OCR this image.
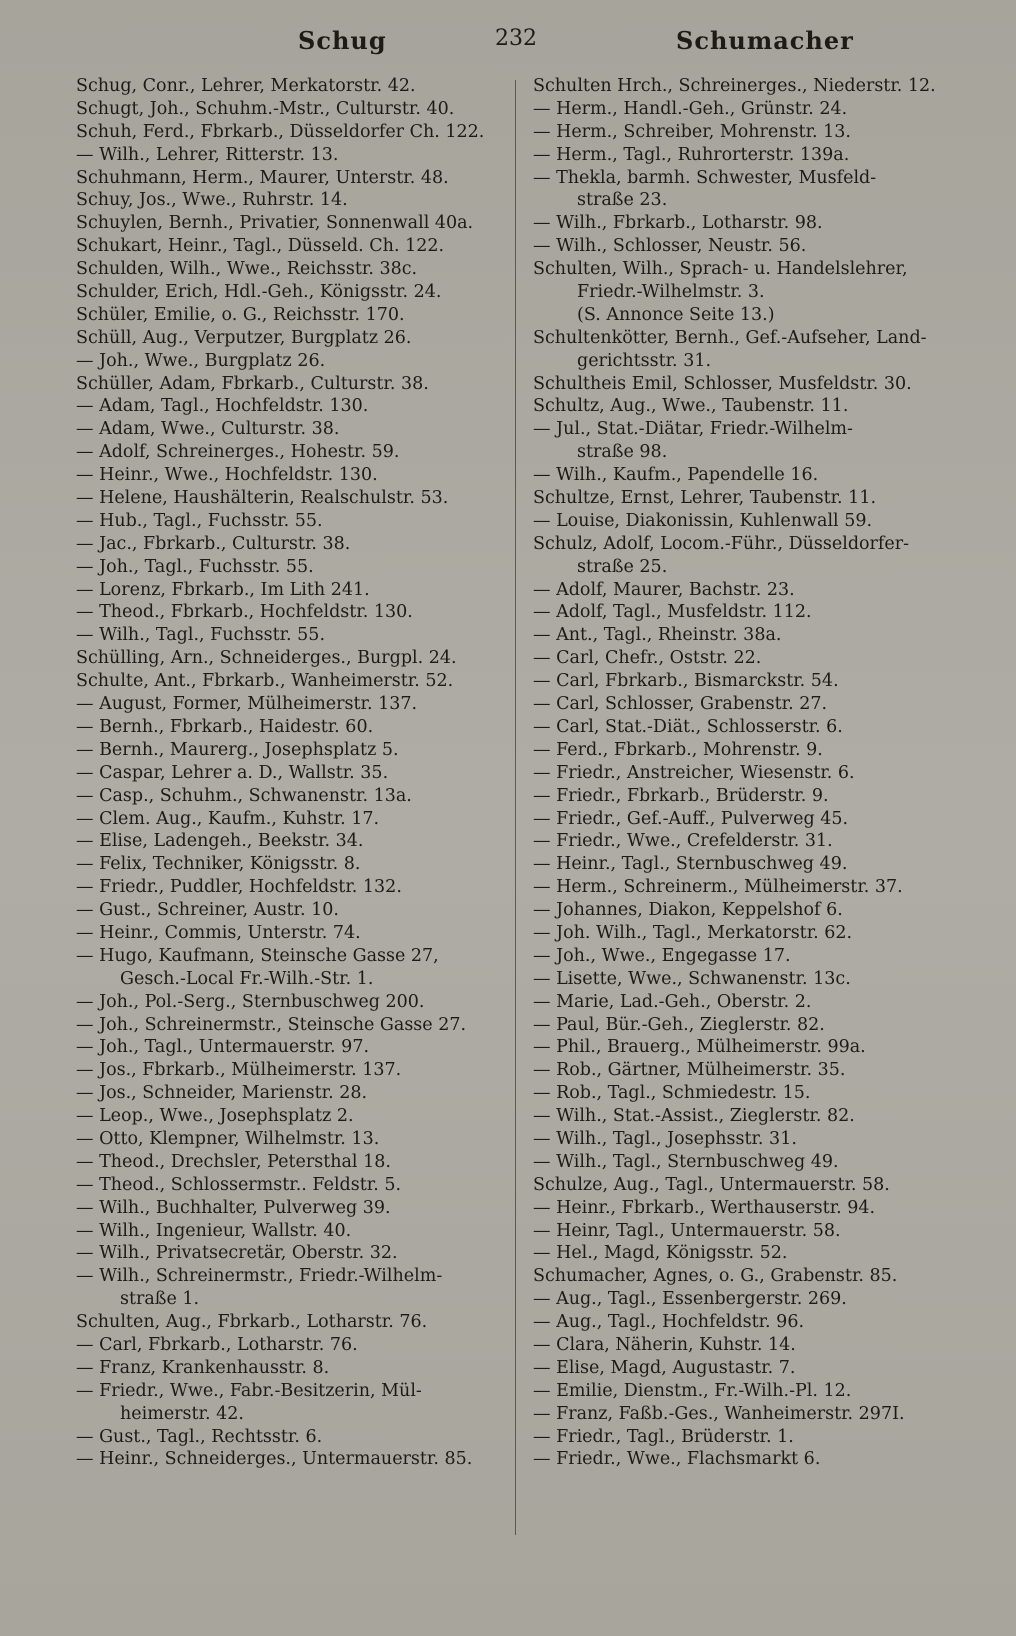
Schug	232	Schumacher
Schug, Conr., Lehrer, Merkatorstr. 42.
Schugt, Joh., Schuhm.-Mstr., Culturstr. 40.
Schuh, Ferd., Fbrkarb., Düsseldorfer Ch. 122.
— Wilh., Lehrer, Ritterstr. 13.
Schuhmann, Herm., Maurer, Unterstr. 48.
Schuy, Jos., Wwe., Ruhrstr. 14.
Schuylen, Bernh., Privatier, Sonnenwall 40a.
Schukart, Heinr., Tagl., Düsseld. Ch. 122.
Schulden, Wilh., Wwe., Reichsstr. 38c.
Schulder, Erich, Hdl.-Geh., Königsstr. 24.
Schüler, Emilie, o. G., Reichsstr. 170.
Schüll, Aug., Verputzer, Burgplatz 26.
— Joh., Wwe., Burgplatz 26.
Schüller, Adam, Fbrkarb., Culturstr. 38.
— Adam, Tagl., Hochfeldstr. 130.
— Adam, Wwe., Culturstr. 38.
— Adolf, Schreinerges., Hohestr. 59.
— Heinr., Wwe., Hochfeldstr. 130.
— Helene, Haushälterin, Realschulstr. 53.
— Hub., Tagl., Fuchsstr. 55.
— Jac., Fbrkarb., Culturstr. 38.
— Joh., Tagl., Fuchsstr. 55.
— Lorenz, Fbrkarb., Im Lith 241.
— Theod., Fbrkarb., Hochfeldstr. 130.
— Wilh., Tagl., Fuchsstr. 55.
Schülling, Arn., Schneiderges., Burgpl. 24.
Schulte, Ant., Fbrkarb., Wanheimerstr. 52.
— August, Former, Mülheimerstr. 137.
— Bernh., Fbrkarb., Haidestr. 60.
— Bernh., Maurerg., Josephsplatz 5.
— Caspar, Lehrer a. D., Wallstr. 35.
— Casp., Schuhm., Schwanenstr. 13a.
— Clem. Aug., Kaufm., Kuhstr. 17.
— Elise, Ladengeh., Beekstr. 34.
— Felix, Techniker, Königsstr. 8.
— Friedr., Puddler, Hochfeldstr. 132.
— Gust., Schreiner, Austr. 10.
— Heinr., Commis, Unterstr. 74.
— Hugo, Kaufmann, Steinsche Gasse 27,
Gesch.-Local Fr.-Wilh.-Str. 1.
— Joh., Pol.-Serg., Sternbuschweg 200.
— Joh., Schreinermstr., Steinsche Gasse 27.
— Joh., Tagl., Untermauerstr. 97.
— Jos., Fbrkarb., Mülheimerstr. 137.
— Jos., Schneider, Marienstr. 28.
— Leop., Wwe., Josephsplatz 2.
— Otto, Klempner, Wilhelmstr. 13.
— Theod., Drechsler, Petersthal 18.
— Theod., Schlossermstr.. Feldstr. 5.
— Wilh., Buchhalter, Pulverweg 39.
— Wilh., Ingenieur, Wallstr. 40.
— Wilh., Privatsecretär, Oberstr. 32.
— Wilh., Schreinermstr., Friedr.-Wilhelm-
straße 1.
Schulten, Aug., Fbrkarb., Lotharstr. 76.
— Carl, Fbrkarb., Lotharstr. 76.
— Franz, Krankenhausstr. 8.
— Friedr., Wwe., Fabr.-Besitzerin, Mül-
heimerstr. 42.
— Gust., Tagl., Rechtsstr. 6.
— Heinr., Schneiderges., Untermauerstr. 85.
Schulten Hrch., Schreinerges., Niederstr. 12.
— Herm., Handl.-Geh., Grünstr. 24.
— Herm., Schreiber, Mohrenstr. 13.
— Herm., Tagl., Ruhrorterstr. 139a.
— Thekla, barmh. Schwester, Musfeld-
straße 23.
— Wilh., Fbrkarb., Lotharstr. 98.
— Wilh., Schlosser, Neustr. 56.
Schulten, Wilh., Sprach- u. Handelslehrer,
Friedr.-Wilhelmstr. 3.
(S. Annonce Seite 13.)
Schultenkötter, Bernh., Gef.-Aufseher, Land-
gerichtsstr. 31.
Schultheis Emil, Schlosser, Musfeldstr. 30.
Schultz, Aug., Wwe., Taubenstr. 11.
— Jul., Stat.-Diätar, Friedr.-Wilhelm-
straße 98.
— Wilh., Kaufm., Papendelle 16.
Schultze, Ernst, Lehrer, Taubenstr. 11.
— Louise, Diakonissin, Kuhlenwall 59.
Schulz, Adolf, Locom.-Führ., Düsseldorfer-
straße 25.
— Adolf, Maurer, Bachstr. 23.
— Adolf, Tagl., Musfeldstr. 112.
— Ant., Tagl., Rheinstr. 38a.
— Carl, Chefr., Oststr. 22.
— Carl, Fbrkarb., Bismarckstr. 54.
— Carl, Schlosser, Grabenstr. 27.
— Carl, Stat.-Diät., Schlosserstr. 6.
— Ferd., Fbrkarb., Mohrenstr. 9.
— Friedr., Anstreicher, Wiesenstr. 6.
— Friedr., Fbrkarb., Brüderstr. 9.
— Friedr., Gef.-Auff., Pulverweg 45.
— Friedr., Wwe., Crefelderstr. 31.
— Heinr., Tagl., Sternbuschweg 49.
— Herm., Schreinerm., Mülheimerstr. 37.
— Johannes, Diakon, Keppelshof 6.
— Joh. Wilh., Tagl., Merkatorstr. 62.
— Joh., Wwe., Engegasse 17.
— Lisette, Wwe., Schwanenstr. 13c.
— Marie, Lad.-Geh., Oberstr. 2.
— Paul, Bür.-Geh., Zieglerstr. 82.
— Phil., Brauerg., Mülheimerstr. 99a.
— Rob., Gärtner, Mülheimerstr. 35.
— Rob., Tagl., Schmiedestr. 15.
— Wilh., Stat.-Assist., Zieglerstr. 82.
— Wilh., Tagl., Josephsstr. 31.
— Wilh., Tagl., Sternbuschweg 49.
Schulze, Aug., Tagl., Untermauerstr. 58.
— Heinr., Fbrkarb., Werthauserstr. 94.
— Heinr, Tagl., Untermauerstr. 58.
— Hel., Magd, Königsstr. 52.
Schumacher, Agnes, o. G., Grabenstr. 85.
— Aug., Tagl., Essenbergerstr. 269.
— Aug., Tagl., Hochfeldstr. 96.
— Clara, Näherin, Kuhstr. 14.
— Elise, Magd, Augustastr. 7.
— Emilie, Dienstm., Fr.-Wilh.-Pl. 12.
— Franz, Faßb.-Ges., Wanheimerstr. 297I.
— Friedr., Tagl., Brüderstr. 1.
— Friedr., Wwe., Flachsmarkt 6.
